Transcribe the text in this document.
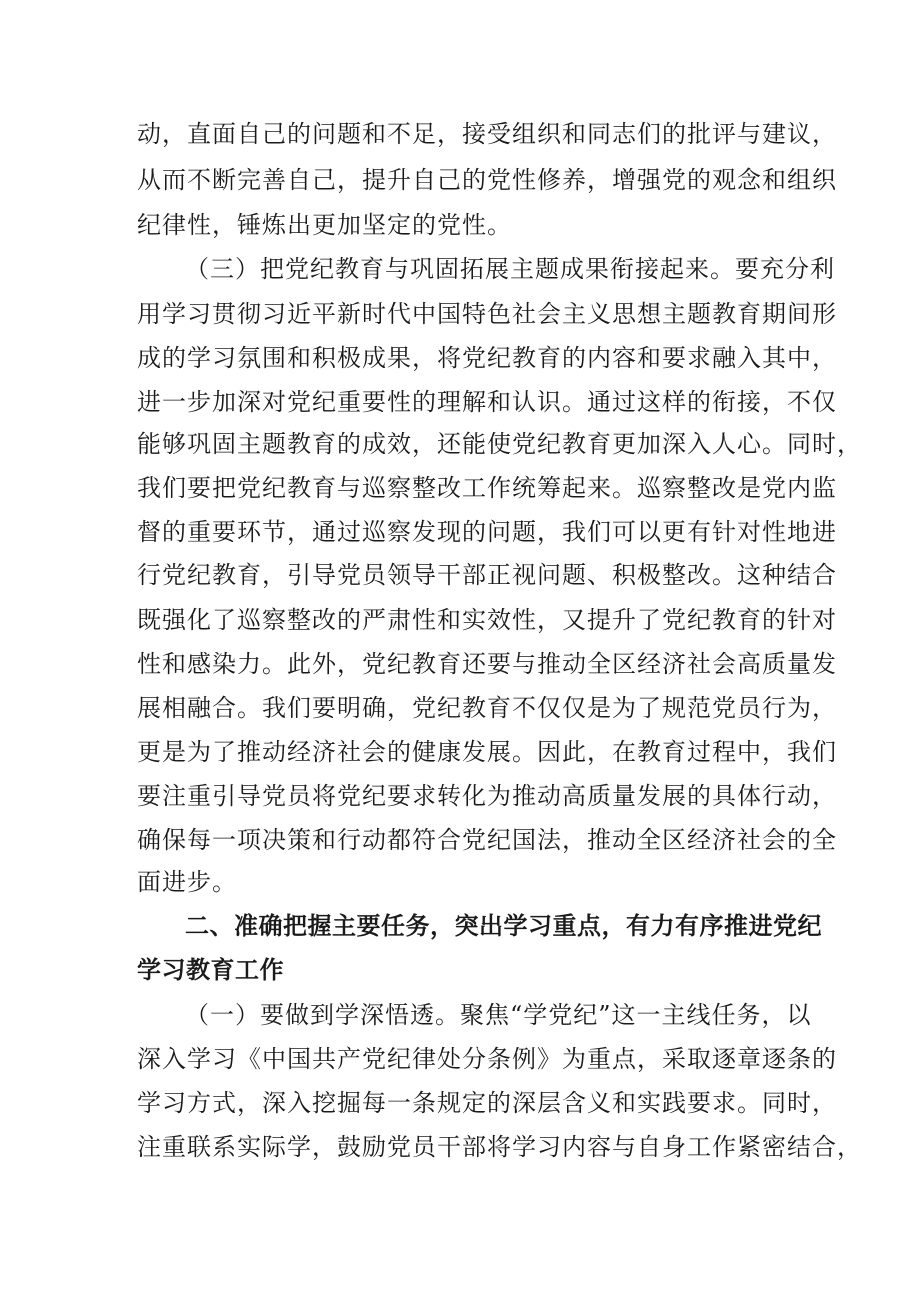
动，直面自己的问题和不足，接受组织和同志们的批评与建议，
从而不断完善自己，提升自己的党性修养，增强党的观念和组织
纪律性，锤炼出更加坚定的党性。
（三）把党纪教育与巩固拓展主题成果衔接起来。要充分利
用学习贯彻习近平新时代中国特色社会主义思想主题教育期间形
成的学习氛围和积极成果，将党纪教育的内容和要求融入其中，
进一步加深对党纪重要性的理解和认识。通过这样的衔接，不仅
能够巩固主题教育的成效，还能使党纪教育更加深入人心。同时，
我们要把党纪教育与巡察整改工作统筹起来。巡察整改是党内监
督的重要环节，通过巡察发现的问题，我们可以更有针对性地进
行党纪教育，引导党员领导干部正视问题、积极整改。这种结合
既强化了巡察整改的严肃性和实效性，又提升了党纪教育的针对
性和感染力。此外，党纪教育还要与推动全区经济社会高质量发
展相融合。我们要明确，党纪教育不仅仅是为了规范党员行为，
更是为了推动经济社会的健康发展。因此，在教育过程中，我们
要注重引导党员将党纪要求转化为推动高质量发展的具体行动，
确保每一项决策和行动都符合党纪国法，推动全区经济社会的全
面进步。
二、准确把握主要任务，突出学习重点，有力有序推进党纪
学习教育工作
（一）要做到学深悟透。聚焦“学党纪”这一主线任务，以
深入学习《中国共产党纪律处分条例》为重点，采取逐章逐条的
学习方式，深入挖掘每一条规定的深层含义和实践要求。同时，
注重联系实际学，鼓励党员干部将学习内容与自身工作紧密结合，
